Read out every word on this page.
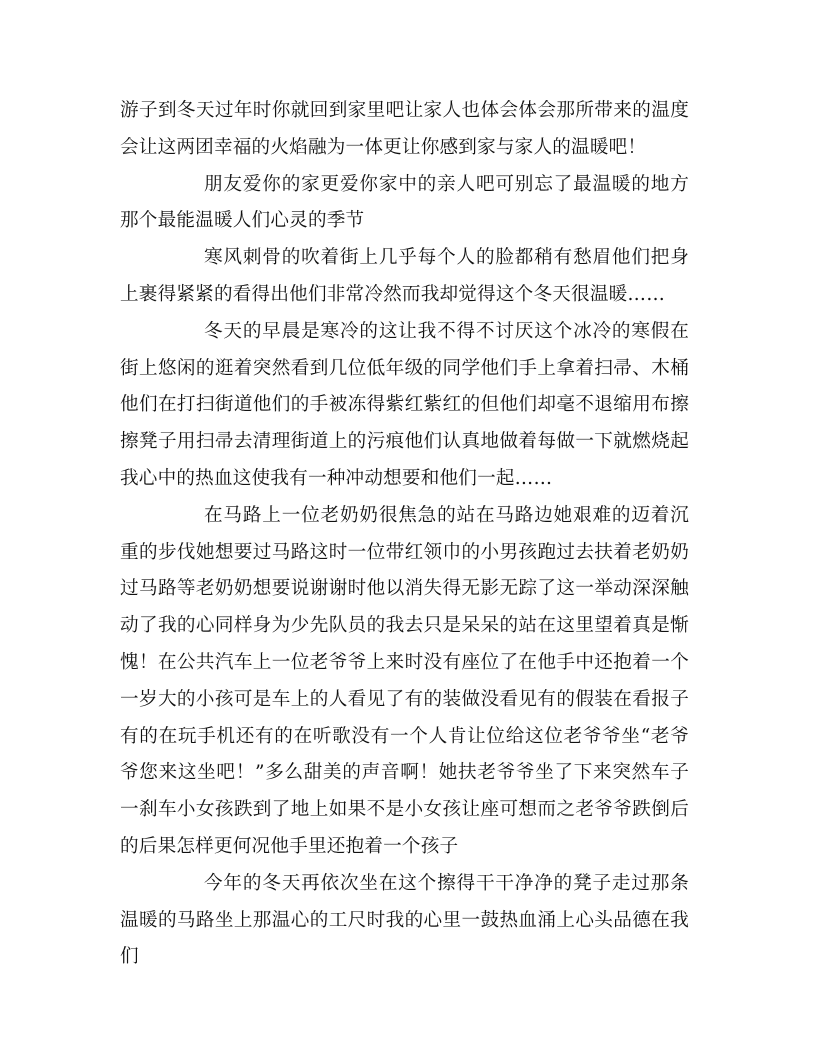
游子到冬天过年时你就回到家里吧让家人也体会体会那所带来的温度会让这两团幸福的火焰融为一体更让你感到家与家人的温暖吧！

朋友爱你的家更爱你家中的亲人吧可别忘了最温暖的地方那个最能温暖人们心灵的季节

寒风刺骨的吹着街上几乎每个人的脸都稍有愁眉他们把身上裹得紧紧的看得出他们非常冷然而我却觉得这个冬天很温暖……

冬天的早晨是寒冷的这让我不得不讨厌这个冰冷的寒假在街上悠闲的逛着突然看到几位低年级的同学他们手上拿着扫帚、木桶他们在打扫街道他们的手被冻得紫红紫红的但他们却毫不退缩用布擦擦凳子用扫帚去清理街道上的污痕他们认真地做着每做一下就燃烧起我心中的热血这使我有一种冲动想要和他们一起……

在马路上一位老奶奶很焦急的站在马路边她艰难的迈着沉重的步伐她想要过马路这时一位带红领巾的小男孩跑过去扶着老奶奶过马路等老奶奶想要说谢谢时他以消失得无影无踪了这一举动深深触动了我的心同样身为少先队员的我去只是呆呆的站在这里望着真是惭愧！在公共汽车上一位老爷爷上来时没有座位了在他手中还抱着一个一岁大的小孩可是车上的人看见了有的装做没看见有的假装在看报子有的在玩手机还有的在听歌没有一个人肯让位给这位老爷爷坐“老爷爷您来这坐吧！”多么甜美的声音啊！她扶老爷爷坐了下来突然车子一刹车小女孩跌到了地上如果不是小女孩让座可想而之老爷爷跌倒后的后果怎样更何况他手里还抱着一个孩子

今年的冬天再依次坐在这个擦得干干净净的凳子走过那条温暖的马路坐上那温心的工尺时我的心里一鼓热血涌上心头品德在我们
